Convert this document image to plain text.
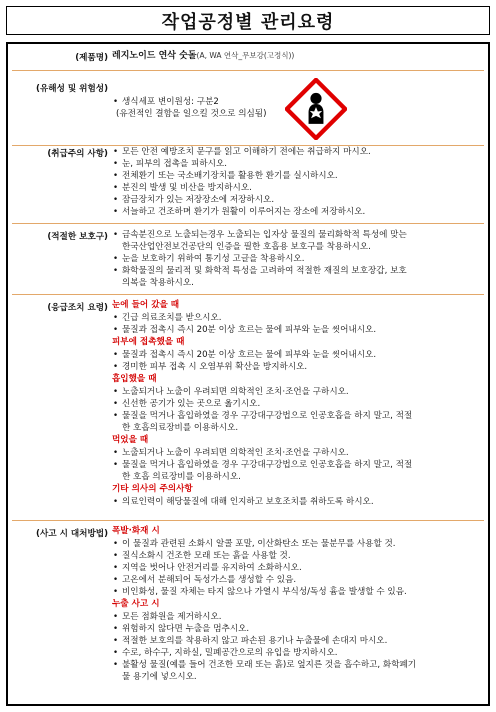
작업공정별 관리요령
(제품명) 레지노이드 연삭 숫돌(A, WA 연삭_무보강(고정식))
(유해성 및 위험성)
• 생식세포 변이원성: 구분2
(유전적인 결함을 일으킬 것으로 의심됨)
(취급주의 사항) • 모든 안전 예방조치 문구를 읽고 이해하기 전에는 취급하지 마시오.
• 눈, 피부의 접촉을 피하시오.
• 전체환기 또는 국소배기장치를 활용한 환기를 실시하시오.
• 분진의 발생 및 비산을 방지하시오.
• 잠금장치가 있는 저장장소에 저장하시오.
• 서늘하고 건조하며 환기가 원활이 이루어지는 장소에 저장하시오.
(적절한 보호구) • 금속분진으로 노출되는경우 노출되는 입자상 물질의 물리화학적 특성에 맞는
한국산업안전보건공단의 인증을 필한 호흡용 보호구를 착용하시오.
• 눈을 보호하기 위하여 통기성 고글을 착용하시오.
• 화학물질의 물리적 및 화학적 특성을 고려하여 적절한 재질의 보호장갑, 보호
의복을 착용하시오.
(응급조치 요령) 눈에 들어 갔을 때
• 긴급 의료조치를 받으시오.
• 물질과 접촉시 즉시 20분 이상 흐르는 물에 피부와 눈을 씻어내시오.
피부에 접촉했을 때
• 물질과 접촉시 즉시 20분 이상 흐르는 물에 피부와 눈을 씻어내시오.
• 경미한 피부 접촉 시 오염부위 확산을 방지하시오.
흡입했을 때
• 노출되거나 노출이 우려되면 의학적인 조치·조언을 구하시오.
• 신선한 공기가 있는 곳으로 옮기시오.
• 물질을 먹거나 흡입하였을 경우 구강대구강법으로 인공호흡을 하지 말고, 적절
한 호흡의료장비를 이용하시오.
먹었을 때
• 노출되거나 노출이 우려되면 의학적인 조치·조언을 구하시오.
• 물질을 먹거나 흡입하였을 경우 구강대구강법으로 인공호흡을 하지 말고, 적절
한 호흡 의료장비를 이용하시오.
기타 의사의 주의사항
• 의료인력이 해당물질에 대해 인지하고 보호조치를 취하도록 하시오.
(사고 시 대처방법) 폭발·화재 시
• 이 물질과 관련된 소화시 알콜 포말, 이산화탄소 또는 물분무를 사용할 것.
• 질식소화시 건조한 모래 또는 흙을 사용할 것.
• 지역을 벗어나 안전거리를 유지하여 소화하시오.
• 고온에서 분해되어 독성가스를 생성할 수 있음.
• 비인화성, 물질 자체는 타지 않으나 가열시 부식성/독성 흄을 발생할 수 있음.
누출 사고 시
• 모든 점화원을 제거하시오.
• 위험하지 않다면 누출을 멈추시오.
• 적절한 보호의를 착용하지 않고 파손된 용기나 누출물에 손대지 마시오.
• 수로, 하수구, 지하실, 밀폐공간으로의 유입을 방지하시오.
• 불활성 물질(예를 들어 건조한 모래 또는 흙)로 엎지른 것을 흡수하고, 화학폐기
물 용기에 넣으시오.
